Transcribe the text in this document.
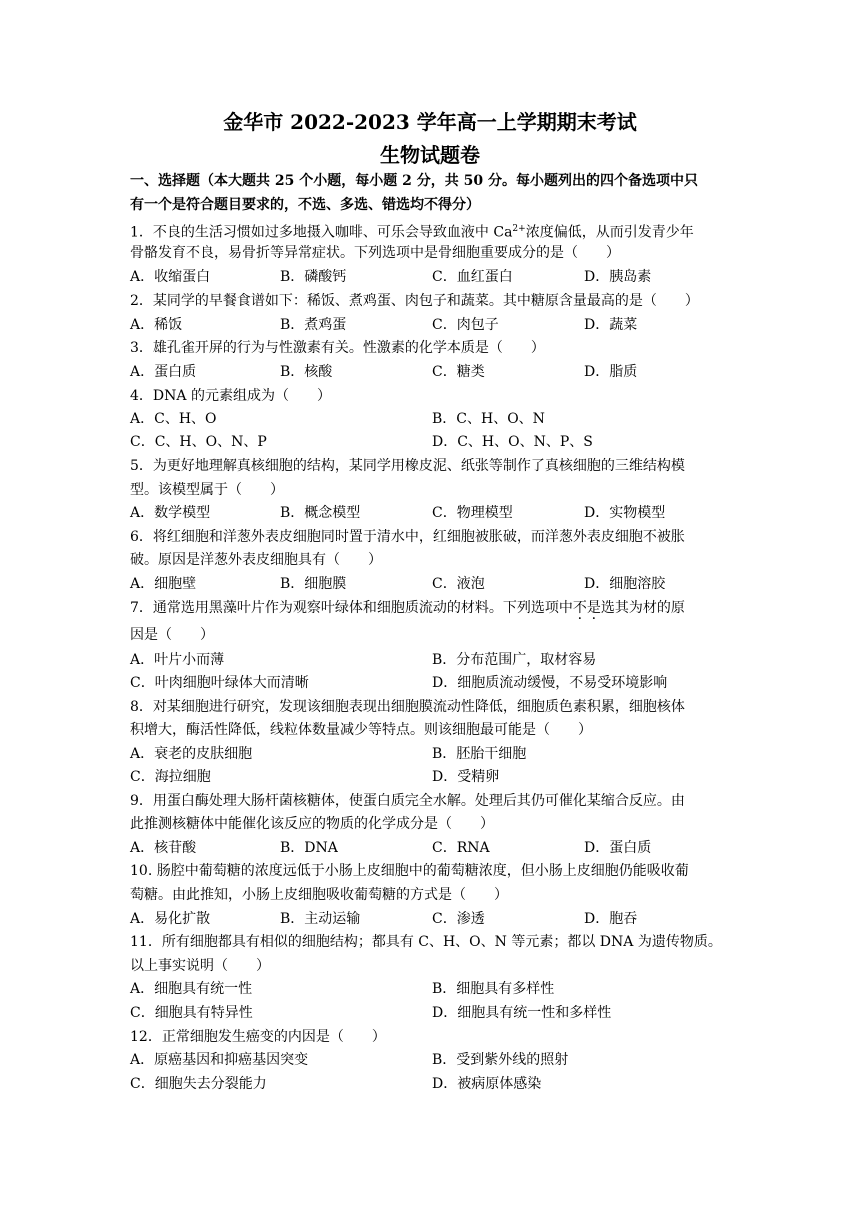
金华市 2022-2023 学年高一上学期期末考试
生物试题卷
一、选择题（本大题共 25 个小题，每小题 2 分，共 50 分。每小题列出的四个备选项中只
有一个是符合题目要求的，不选、多选、错选均不得分）
1．不良的生活习惯如过多地摄入咖啡、可乐会导致血液中 $Ca^{2+}$浓度偏低，从而引发青少年
骨骼发育不良，易骨折等异常症状。下列选项中是骨细胞重要成分的是（　　）
A．收缩蛋白	B．磷酸钙	C．血红蛋白	D．胰岛素
2．某同学的早餐食谱如下：稀饭、煮鸡蛋、肉包子和蔬菜。其中糖原含量最高的是（　　）
A．稀饭	B．煮鸡蛋	C．肉包子	D．蔬菜
3．雄孔雀开屏的行为与性激素有关。性激素的化学本质是（　　）
A．蛋白质	B．核酸	C．糖类	D．脂质
4．DNA 的元素组成为（　　）
A．C、H、O	B．C、H、O、N
C．C、H、O、N、P	D．C、H、O、N、P、S
5．为更好地理解真核细胞的结构，某同学用橡皮泥、纸张等制作了真核细胞的三维结构模
型。该模型属于（　　）
A．数学模型	B．概念模型	C．物理模型	D．实物模型
6．将红细胞和洋葱外表皮细胞同时置于清水中，红细胞被胀破，而洋葱外表皮细胞不被胀
破。原因是洋葱外表皮细胞具有（　　）
A．细胞壁	B．细胞膜	C．液泡	D．细胞溶胶
7．通常选用黑藻叶片作为观察叶绿体和细胞质流动的材料。下列选项中不是选其为材的原
因是（　　）
A．叶片小而薄	B．分布范围广，取材容易
C．叶肉细胞叶绿体大而清晰	D．细胞质流动缓慢，不易受环境影响
8．对某细胞进行研究，发现该细胞表现出细胞膜流动性降低，细胞质色素积累，细胞核体
积增大，酶活性降低，线粒体数量减少等特点。则该细胞最可能是（　　）
A．衰老的皮肤细胞	B．胚胎干细胞
C．海拉细胞	D．受精卵
9．用蛋白酶处理大肠杆菌核糖体，使蛋白质完全水解。处理后其仍可催化某缩合反应。由
此推测核糖体中能催化该反应的物质的化学成分是（　　）
A．核苷酸	B．DNA	C．RNA	D．蛋白质
10. 肠腔中葡萄糖的浓度远低于小肠上皮细胞中的葡萄糖浓度，但小肠上皮细胞仍能吸收葡
萄糖。由此推知，小肠上皮细胞吸收葡萄糖的方式是（　　）
A．易化扩散	B．主动运输	C．渗透	D．胞吞
11．所有细胞都具有相似的细胞结构；都具有 C、H、O、N 等元素；都以 DNA 为遗传物质。
以上事实说明（　　）
A．细胞具有统一性	B．细胞具有多样性
C．细胞具有特异性	D．细胞具有统一性和多样性
12．正常细胞发生癌变的内因是（　　）
A．原癌基因和抑癌基因突变	B．受到紫外线的照射
C．细胞失去分裂能力	D．被病原体感染
